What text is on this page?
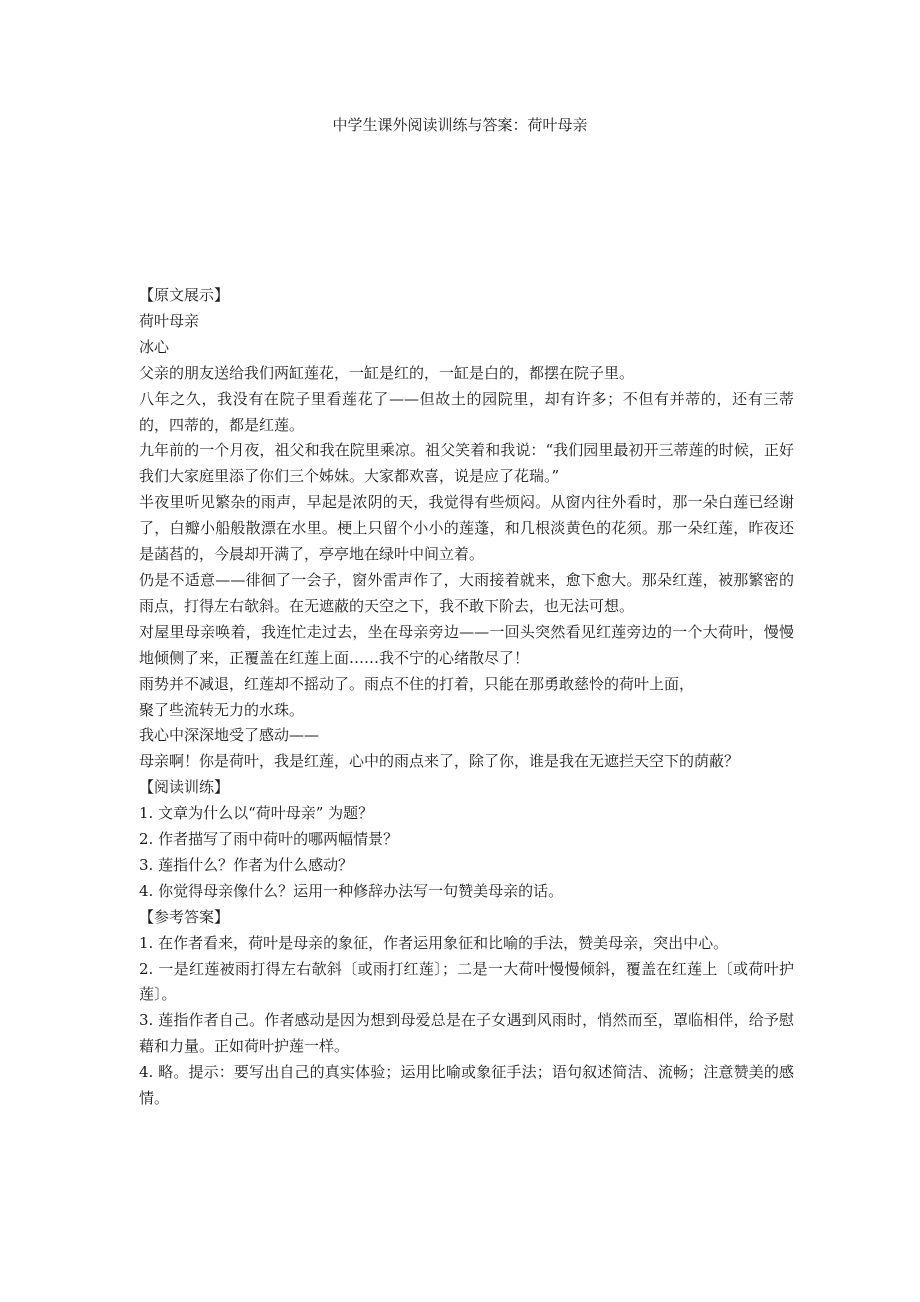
中学生课外阅读训练与答案：荷叶母亲

【原文展示】

荷叶母亲

冰心

父亲的朋友送给我们两缸莲花，一缸是红的，一缸是白的，都摆在院子里。

八年之久，我没有在院子里看莲花了——但故土的园院里，却有许多；不但有并蒂的，还有三蒂的，四蒂的，都是红莲。

九年前的一个月夜，祖父和我在院里乘凉。祖父笑着和我说：“我们园里最初开三蒂莲的时候，正好我们大家庭里添了你们三个姊妹。大家都欢喜，说是应了花瑞。”

半夜里听见繁杂的雨声，早起是浓阴的天，我觉得有些烦闷。从窗内往外看时，那一朵白莲已经谢了，白瓣小船般散漂在水里。梗上只留个小小的莲蓬，和几根淡黄色的花须。那一朵红莲，昨夜还是菡萏的，今晨却开满了，亭亭地在绿叶中间立着。

仍是不适意——徘徊了一会子，窗外雷声作了，大雨接着就来，愈下愈大。那朵红莲，被那繁密的雨点，打得左右欹斜。在无遮蔽的天空之下，我不敢下阶去，也无法可想。

对屋里母亲唤着，我连忙走过去，坐在母亲旁边——一回头突然看见红莲旁边的一个大荷叶，慢慢地倾侧了来，正覆盖在红莲上面……我不宁的心绪散尽了！

雨势并不减退，红莲却不摇动了。雨点不住的打着，只能在那勇敢慈怜的荷叶上面，

聚了些流转无力的水珠。

我心中深深地受了感动——

母亲啊！你是荷叶，我是红莲，心中的雨点来了，除了你，谁是我在无遮拦天空下的荫蔽？

【阅读训练】

1. 文章为什么以“荷叶母亲” 为题？

2. 作者描写了雨中荷叶的哪两幅情景？

3. 莲指什么？作者为什么感动？

4. 你觉得母亲像什么？运用一种修辞办法写一句赞美母亲的话。

【参考答案】

1. 在作者看来，荷叶是母亲的象征，作者运用象征和比喻的手法，赞美母亲，突出中心。

2. 一是红莲被雨打得左右欹斜〔或雨打红莲〕；二是一大荷叶慢慢倾斜，覆盖在红莲上〔或荷叶护莲〕。

3. 莲指作者自己。作者感动是因为想到母爱总是在子女遇到风雨时，悄然而至，罩临相伴，给予慰藉和力量。正如荷叶护莲一样。

4. 略。提示：要写出自己的真实体验；运用比喻或象征手法；语句叙述简洁、流畅；注意赞美的感情。
